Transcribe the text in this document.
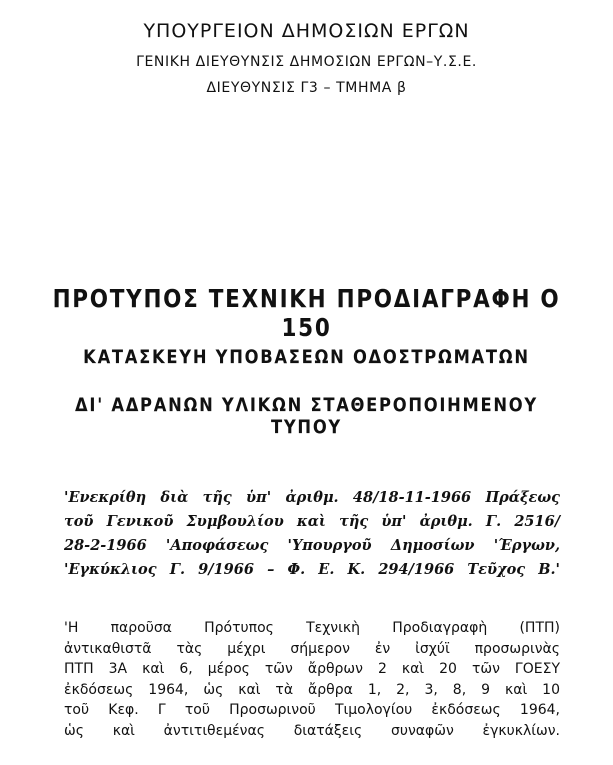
ΥΠΟΥΡΓΕΙΟΝ ΔΗΜΟΣΙΩΝ ΕΡΓΩΝ
ΓΕΝΙΚΗ ΔΙΕΥΘΥΝΣΙΣ ΔΗΜΟΣΙΩΝ ΕΡΓΩΝ–Υ.Σ.Ε.
ΔΙΕΥΘΥΝΣΙΣ Γ3 – ΤΜΗΜΑ β
ΠΡΟΤΥΠΟΣ ΤΕΧΝΙΚΗ ΠΡΟΔΙΑΓΡΑΦΗ Ο 150
ΚΑΤΑΣΚΕΥΗ ΥΠΟΒΑΣΕΩΝ ΟΔΟΣΤΡΩΜΑΤΩΝ
ΔΙ' ΑΔΡΑΝΩΝ ΥΛΙΚΩΝ ΣΤΑΘΕΡΟΠΟΙΗΜΕΝΟΥ ΤΥΠΟΥ
'Ενεκρίθη διὰ τῆς ὑπ' ἀριθμ. 48/18-11-1966 Πράξεως
τοῦ Γενικοῦ Συμβουλίου καὶ τῆς ὑπ' ἀριθμ. Γ. 2516/
28-2-1966 'Αποφάσεως 'Υπουργοῦ Δημοσίων 'Έργων,
'Εγκύκλιος Γ. 9/1966 – Φ. Ε. Κ. 294/1966 Τεῦχος Β.'
'Η παροῦσα Πρότυπος Τεχνικὴ Προδιαγραφὴ (ΠΤΠ)
ἀντικαθιστᾶ τὰς μέχρι σήμερον ἐν ἰσχύϊ προσωρινὰς
ΠΤΠ 3Α καὶ 6, μέρος τῶν ἄρθρων 2 καὶ 20 τῶν ΓΟΕΣΥ
ἐκδόσεως 1964, ὡς καὶ τὰ ἄρθρα 1, 2, 3, 8, 9 καὶ 10
τοῦ Κεφ. Γ τοῦ Προσωρινοῦ Τιμολογίου ἐκδόσεως 1964,
ὡς καὶ ἀντιτιθεμένας διατάξεις συναφῶν ἐγκυκλίων.
